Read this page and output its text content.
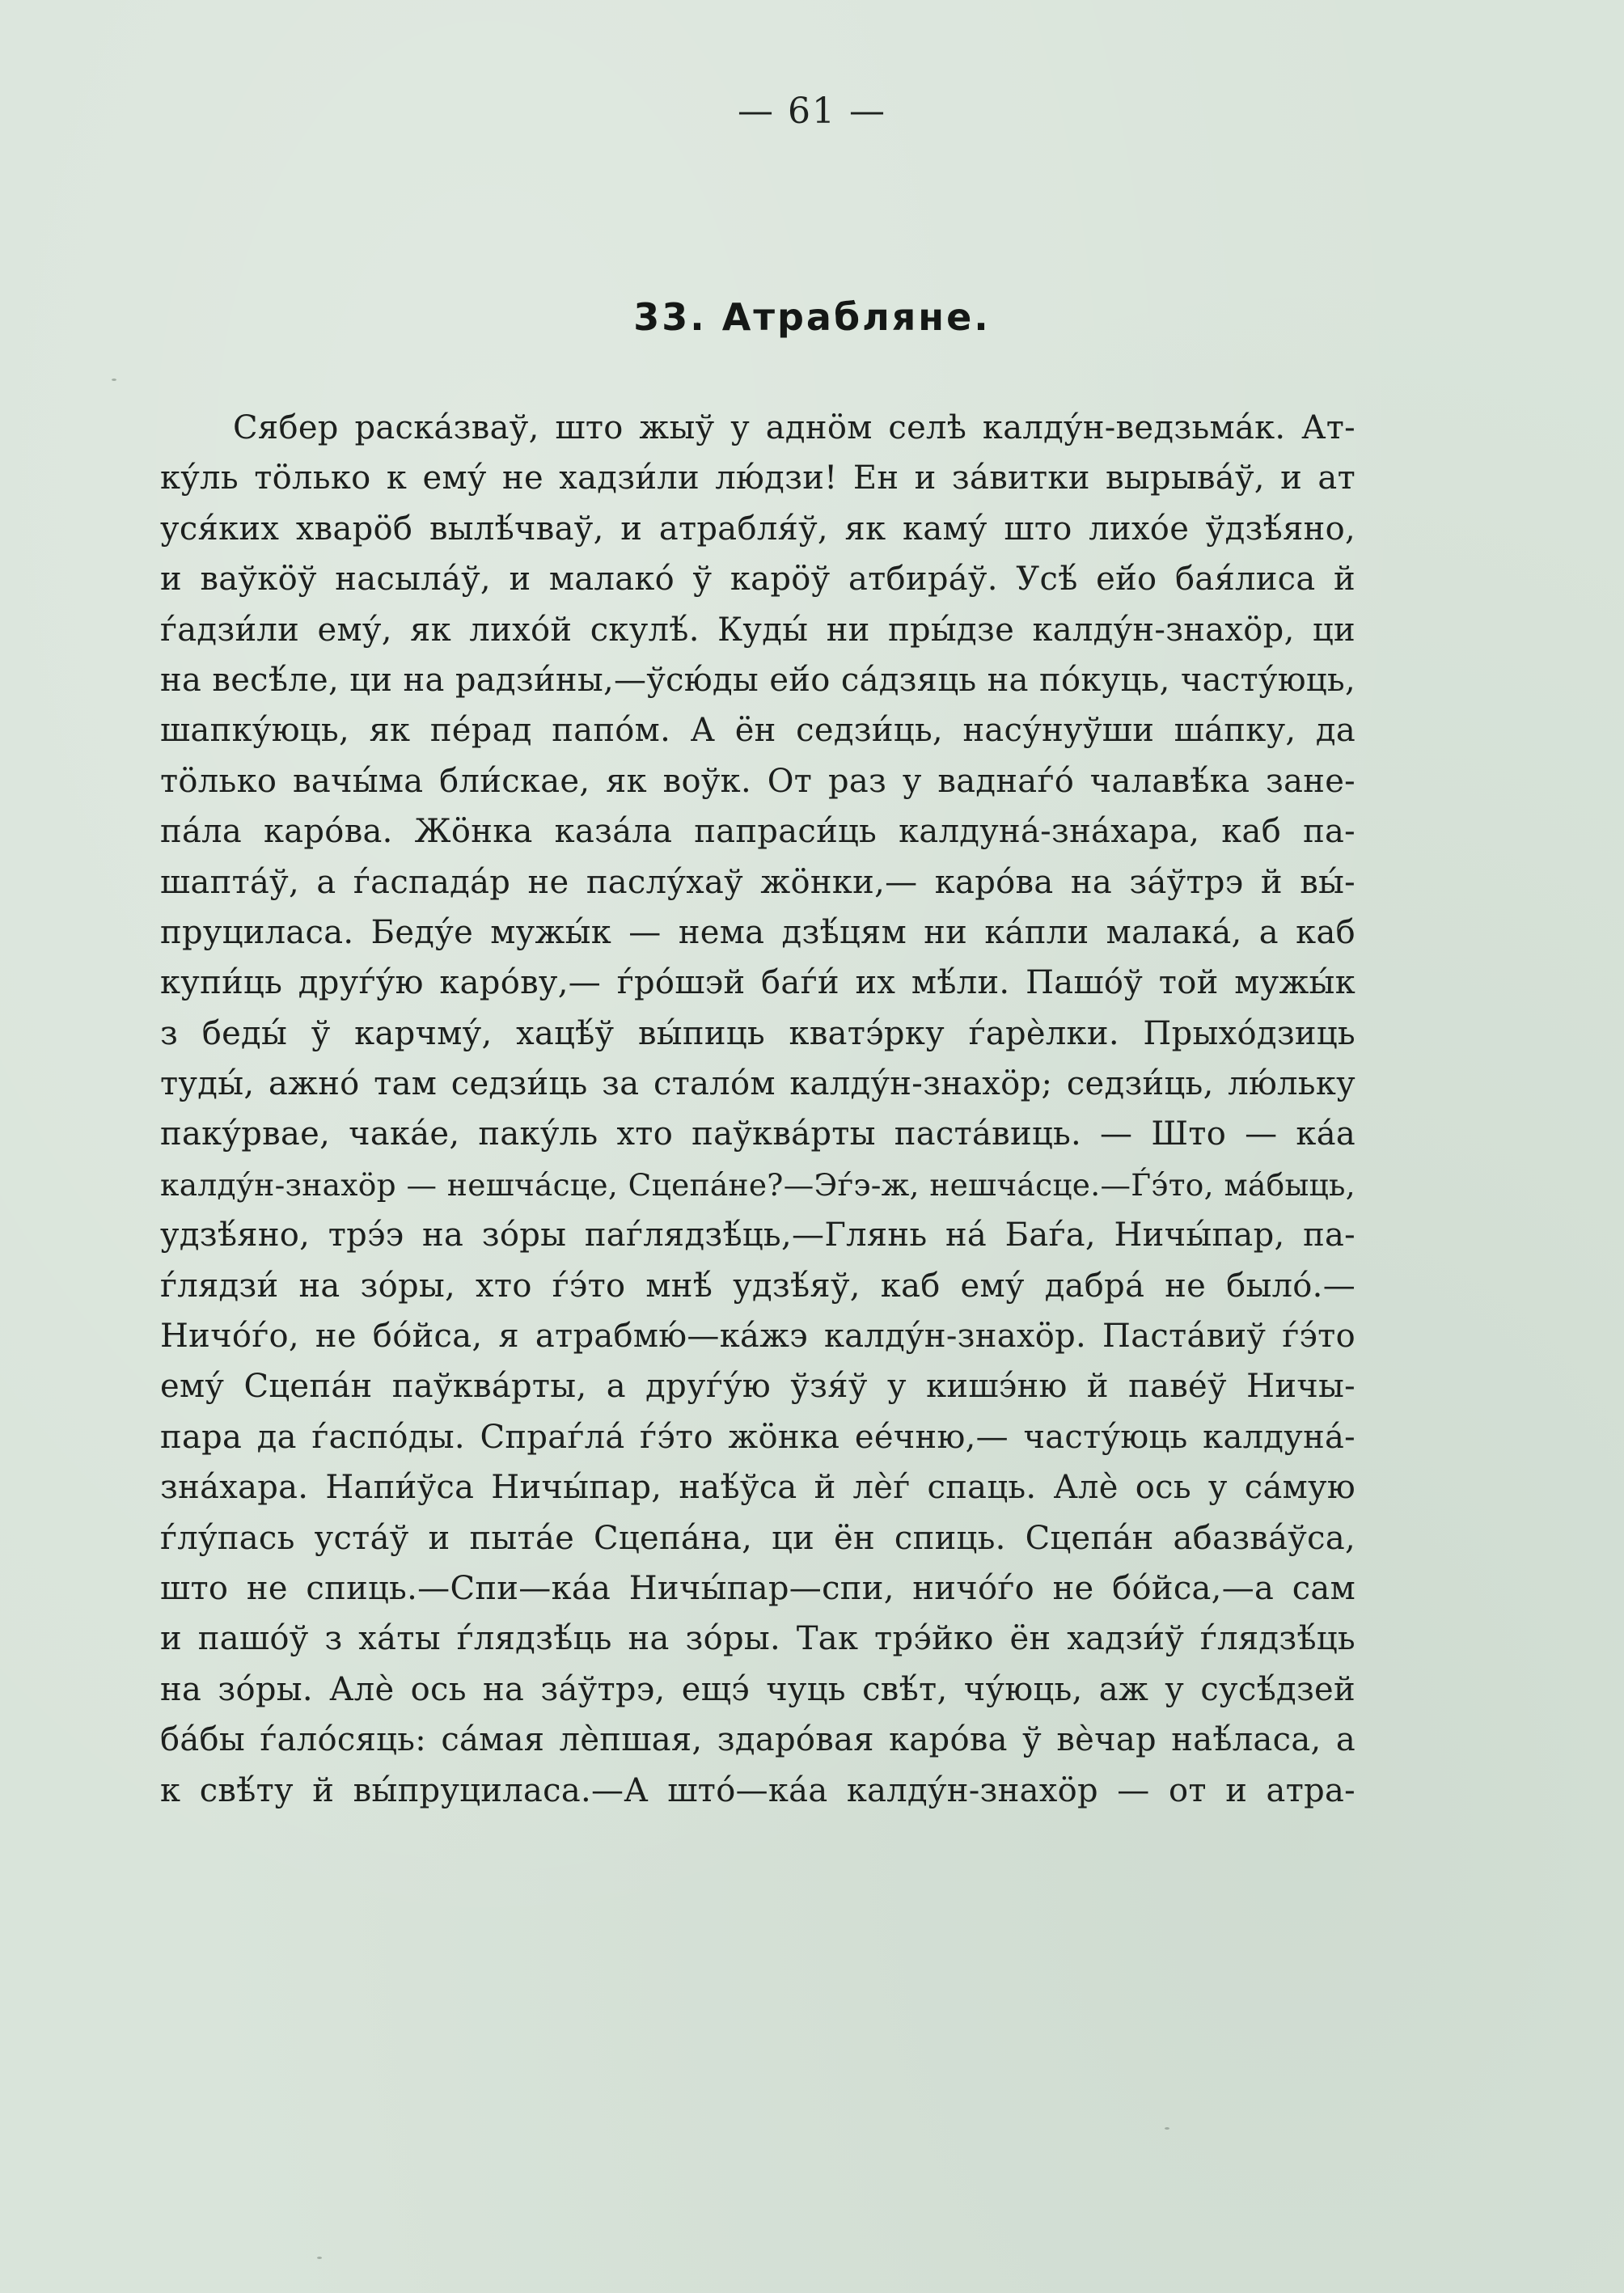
— 61 —
33. Атрабляне.
Сябер раска́зваў, што жыў у аднӧм селѣ калду́н-ведзьма́к. Ат-
ку́ль тӧлько к ему́ не хадзи́ли лю́дзи! Ен и за́витки вырыва́ў, и ат
уся́ких хварӧб вылѣ́чваў, и атрабля́ў, як каму́ што лихо́е ўдзѣ́яно,
и ваўкӧў насыла́ў, и малако́ ў карӧў атбира́ў. Усѣ́ ей́о бая́лиса й
ѓадзи́ли ему́, як лихо́й скулѣ́. Куды́ ни пры́дзе калду́н-знахӧр, ци
на весѣ́ле, ци на радзи́ны,—ўсю́ды ей́о са́дзяць на по́куць, часту́юць,
шапку́юць, як пе́рад папо́м. А ён седзи́ць, насу́нуўши ша́пку, да
тӧлько вачы́ма бли́скае, як воўк. От раз у ваднаѓо́ чалавѣ́ка зане-
па́ла каро́ва. Жӧнка каза́ла папраси́ць калдуна́-зна́хара, каб па-
шапта́ў, а ѓаспада́р не паслу́хаў жӧнки,— каро́ва на за́ўтрэ й вы́-
пруциласа. Беду́е мужы́к — нема дзѣ́цям ни ка́пли малака́, а каб
купи́ць друѓу́ю каро́ву,— ѓро́шэй баѓи́ их мѣ́ли. Пашо́ў той мужы́к
з беды́ ў карчму́, хацѣ́ў вы́пиць кватэ́рку ѓарѐлки. Прыхо́дзиць
туды́, ажно́ там седзи́ць за стало́м калду́н-знахӧр; седзи́ць, лю́льку
паку́рвае, чака́е, паку́ль хто паўква́рты паста́виць. — Што — ка́а
калду́н-знахӧр — нешча́сце, Сцепа́не?—Эѓэ-ж, нешча́сце.—Ѓэ́то, ма́быць,
удзѣ́яно, трэ́э на зо́ры паѓлядзѣ́ць,—Глянь на́ Баѓа, Ничы́пар, па-
ѓлядзи́ на зо́ры, хто ѓэ́то мнѣ́ удзѣ́яў, каб ему́ дабра́ не было́.—
Ничо́ѓо, не бо́йса, я атрабмю́—ка́жэ калду́н-знахӧр. Паста́виў ѓэ́то
ему́ Сцепа́н паўква́рты, а друѓу́ю ўзя́ў у кишэ́ню й паве́ў Ничы-
пара да ѓаспо́ды. Спраѓла́ ѓэ́то жӧнка ее́чню,— часту́юць калдуна́-
зна́хара. Напи́ўса Ничы́пар, наѣ́ўса й лѐѓ спаць. Алѐ ось у са́мую
ѓлу́пась уста́ў и пыта́е Сцепа́на, ци ён спиць. Сцепа́н абазва́ўса,
што не спиць.—Спи—ка́а Ничы́пар—спи, ничо́ѓо не бо́йса,—а сам
и пашо́ў з ха́ты ѓлядзѣ́ць на зо́ры. Так трэ́йко ён хадзи́ў ѓлядзѣ́ць
на зо́ры. Алѐ ось на за́ўтрэ, ещэ́ чуць свѣ́т, чу́юць, аж у сусѣ́дзей
ба́бы ѓало́сяць: са́мая лѐпшая, здаро́вая каро́ва ў вѐчар наѣ́ласа, а
к свѣ́ту й вы́пруциласа.—А што́—ка́а калду́н-знахӧр — от и атра-
